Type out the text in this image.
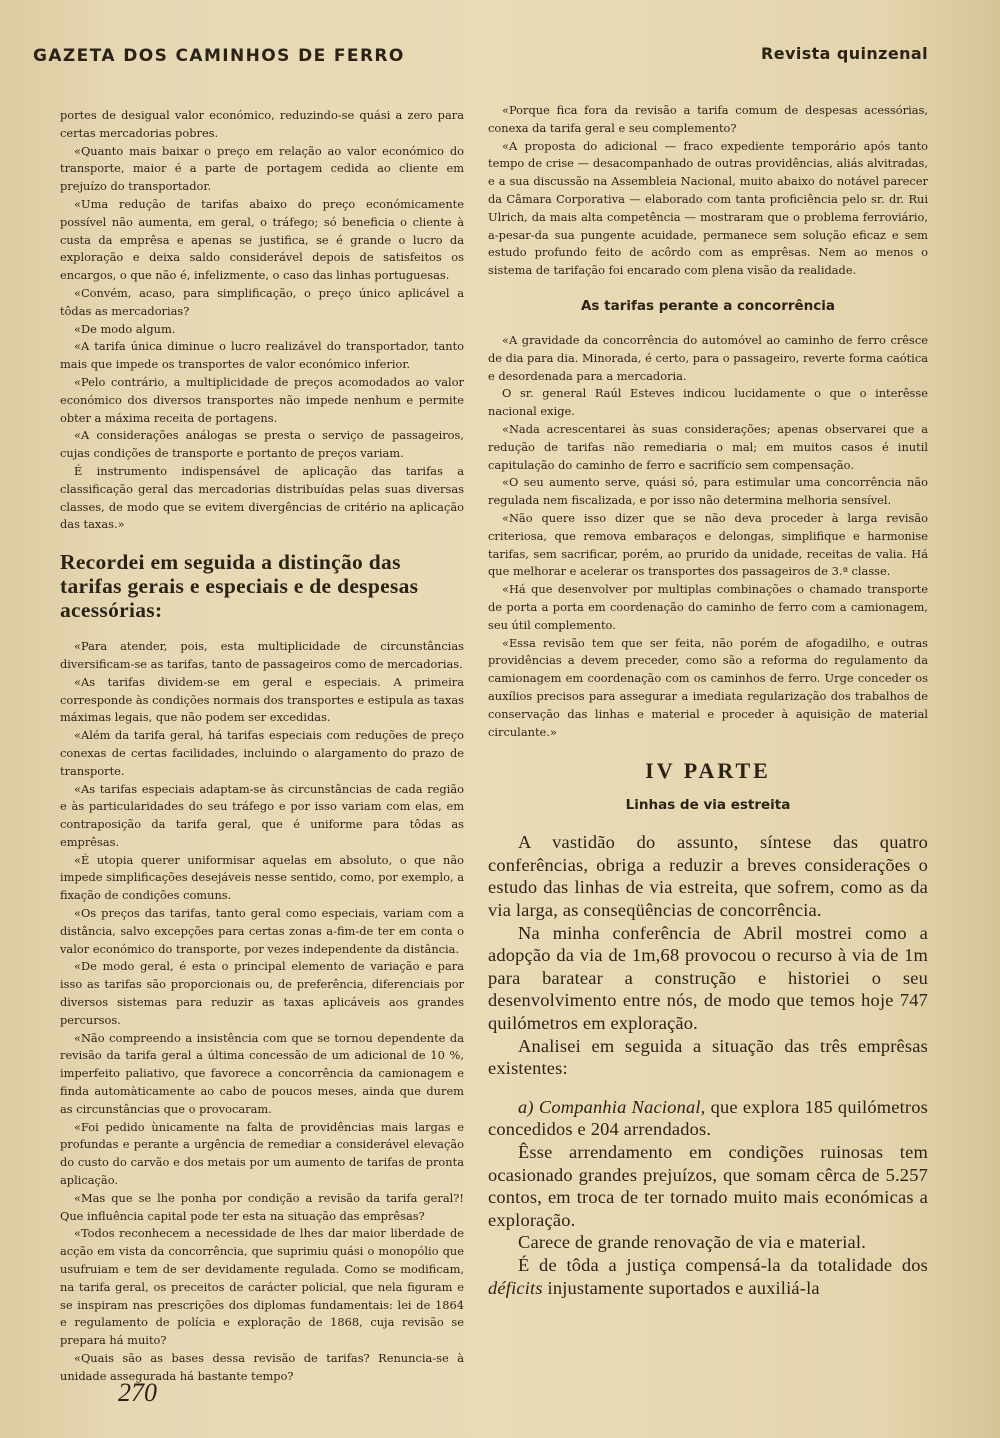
GAZETA DOS CAMINHOS DE FERRO	Revista quinzenal

portes de desigual valor económico, reduzindo-se quási a zero para certas mercadorias pobres.

«Quanto mais baixar o preço em relação ao valor económico do transporte, maior é a parte de portagem cedida ao cliente em prejuízo do transportador.

«Uma redução de tarifas abaixo do preço económicamente possível não aumenta, em geral, o tráfego; só beneficia o cliente à custa da emprêsa e apenas se justifica, se é grande o lucro da exploração e deixa saldo considerável depois de satisfeitos os encargos, o que não é, infelizmente, o caso das linhas portuguesas.

«Convém, acaso, para simplificação, o preço único aplicável a tôdas as mercadorias?

«De modo algum.

«A tarifa única diminue o lucro realizável do transportador, tanto mais que impede os transportes de valor económico inferior.

«Pelo contrário, a multiplicidade de preços acomodados ao valor económico dos diversos transportes não impede nenhum e permite obter a máxima receita de portagens.

«A considerações análogas se presta o serviço de passageiros, cujas condições de transporte e portanto de preços variam.

É instrumento indispensável de aplicação das tarifas a classificação geral das mercadorias distribuídas pelas suas diversas classes, de modo que se evitem divergências de critério na aplicação das taxas.»

Recordei em seguida a distinção das tarifas gerais e especiais e de despesas acessórias:

«Para atender, pois, esta multiplicidade de circunstâncias diversificam-se as tarifas, tanto de passageiros como de mercadorias.

«As tarifas dividem-se em geral e especiais. A primeira corresponde às condições normais dos transportes e estipula as taxas máximas legais, que não podem ser excedidas.

«Além da tarifa geral, há tarifas especiais com reduções de preço conexas de certas facilidades, incluindo o alargamento do prazo de transporte.

«As tarifas especiais adaptam-se às circunstâncias de cada região e às particularidades do seu tráfego e por isso variam com elas, em contraposição da tarifa geral, que é uniforme para tôdas as emprêsas.

«É utopia querer uniformisar aquelas em absoluto, o que não impede simplificações desejáveis nesse sentido, como, por exemplo, a fixação de condições comuns.

«Os preços das tarifas, tanto geral como especiais, variam com a distância, salvo excepções para certas zonas a-fim-de ter em conta o valor económico do transporte, por vezes independente da distância.

«De modo geral, é esta o principal elemento de variação e para isso as tarifas são proporcionais ou, de preferência, diferenciais por diversos sistemas para reduzir as taxas aplicáveis aos grandes percursos.

«Não compreendo a insistência com que se tornou dependente da revisão da tarifa geral a última concessão de um adicional de 10 %, imperfeito paliativo, que favorece a concorrência da camionagem e finda automàticamente ao cabo de poucos meses, ainda que durem as circunstâncias que o provocaram.

«Foi pedido ùnicamente na falta de providências mais largas e profundas e perante a urgência de remediar a considerável elevação do custo do carvão e dos metais por um aumento de tarifas de pronta aplicação.

«Mas que se lhe ponha por condição a revisão da tarifa geral?! Que influência capital pode ter esta na situação das emprêsas?

«Todos reconhecem a necessidade de lhes dar maior liberdade de acção em vista da concorrência, que suprimiu quási o monopólio que usufruiam e tem de ser devidamente regulada. Como se modificam, na tarifa geral, os preceitos de carácter policial, que nela figuram e se inspiram nas prescrições dos diplomas fundamentais: lei de 1864 e regulamento de polícia e exploração de 1868, cuja revisão se prepara há muito?

«Quais são as bases dessa revisão de tarifas? Renuncia-se à unidade assegurada há bastante tempo?

«Porque fica fora da revisão a tarifa comum de despesas acessórias, conexa da tarifa geral e seu complemento?

«A proposta do adicional — fraco expediente temporário após tanto tempo de crise — desacompanhado de outras providências, aliás alvitradas, e a sua discussão na Assembleia Nacional, muito abaixo do notável parecer da Câmara Corporativa — elaborado com tanta proficiência pelo sr. dr. Rui Ulrich, da mais alta competência — mostraram que o problema ferroviário, a-pesar-da sua pungente acuidade, permanece sem solução eficaz e sem estudo profundo feito de acôrdo com as emprêsas. Nem ao menos o sistema de tarifação foi encarado com plena visão da realidade.

As tarifas perante a concorrência

«A gravidade da concorrência do automóvel ao caminho de ferro crêsce de dia para dia. Minorada, é certo, para o passageiro, reverte forma caótica e desordenada para a mercadoria.

O sr. general Raúl Esteves indicou lucidamente o que o interêsse nacional exige.

«Nada acrescentarei às suas considerações; apenas observarei que a redução de tarifas não remediaria o mal; em muitos casos é inutil capitulação do caminho de ferro e sacrifício sem compensação.

«O seu aumento serve, quási só, para estimular uma concorrência não regulada nem fiscalizada, e por isso não determina melhoria sensível.

«Não quere isso dizer que se não deva proceder à larga revisão criteriosa, que remova embaraços e delongas, simplifique e harmonise tarifas, sem sacrificar, porém, ao prurido da unidade, receitas de valia. Há que melhorar e acelerar os transportes dos passageiros de 3.ª classe.

«Há que desenvolver por multiplas combinações o chamado transporte de porta a porta em coordenação do caminho de ferro com a camionagem, seu útil complemento.

«Essa revisão tem que ser feita, não porém de afogadilho, e outras providências a devem preceder, como são a reforma do regulamento da camionagem em coordenação com os caminhos de ferro. Urge conceder os auxílios precisos para assegurar a imediata regularização dos trabalhos de conservação das linhas e material e proceder à aquisição de material circulante.»

IV PARTE
Linhas de via estreita

A vastidão do assunto, síntese das quatro conferências, obriga a reduzir a breves considerações o estudo das linhas de via estreita, que sofrem, como as da via larga, as conseqüências de concorrência.

Na minha conferência de Abril mostrei como a adopção da via de 1m,68 provocou o recurso à via de 1m para baratear a construção e historiei o seu desenvolvimento entre nós, de modo que temos hoje 747 quilómetros em exploração.

Analisei em seguida a situação das três emprêsas existentes:

a) Companhia Nacional, que explora 185 quilómetros concedidos e 204 arrendados.

Êsse arrendamento em condições ruinosas tem ocasionado grandes prejuízos, que somam cêrca de 5.257 contos, em troca de ter tornado muito mais económicas a exploração.

Carece de grande renovação de via e material.

É de tôda a justiça compensá-la da totalidade dos déficits injustamente suportados e auxiliá-la

270
